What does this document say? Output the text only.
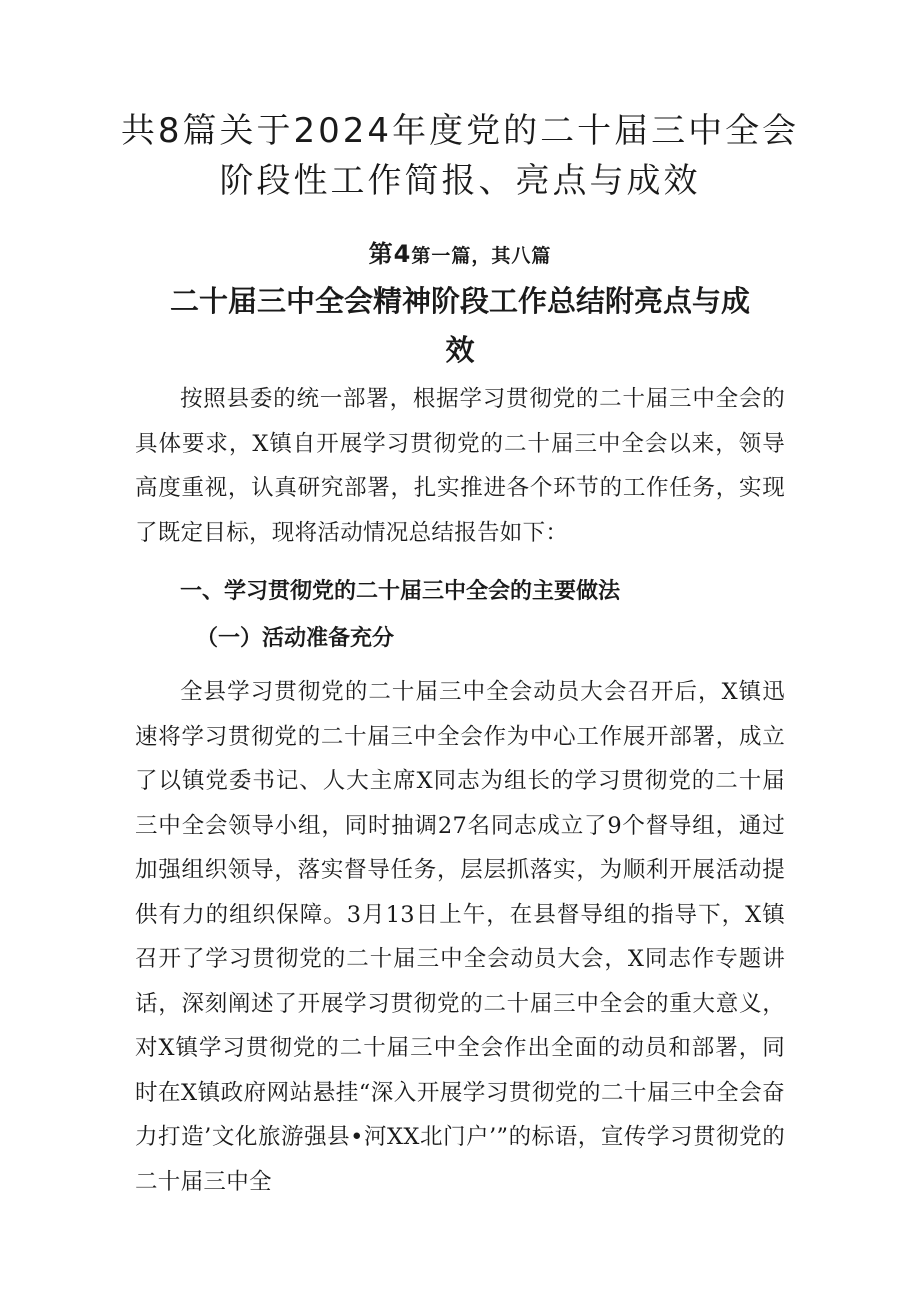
共8篇关于2024年度党的二十届三中全会
阶段性工作简报、亮点与成效
第4第一篇，其八篇
二十届三中全会精神阶段工作总结附亮点与成
效

按照县委的统一部署，根据学习贯彻党的二十届三中全会的具体要求，X镇自开展学习贯彻党的二十届三中全会以来，领导高度重视，认真研究部署，扎实推进各个环节的工作任务，实现了既定目标，现将活动情况总结报告如下：

一、学习贯彻党的二十届三中全会的主要做法
（一）活动准备充分

全县学习贯彻党的二十届三中全会动员大会召开后，X镇迅速将学习贯彻党的二十届三中全会作为中心工作展开部署，成立了以镇党委书记、人大主席X同志为组长的学习贯彻党的二十届三中全会领导小组，同时抽调27名同志成立了9个督导组，通过加强组织领导，落实督导任务，层层抓落实，为顺利开展活动提供有力的组织保障。3月13日上午，在县督导组的指导下，X镇召开了学习贯彻党的二十届三中全会动员大会，X同志作专题讲话，深刻阐述了开展学习贯彻党的二十届三中全会的重大意义，对X镇学习贯彻党的二十届三中全会作出全面的动员和部署，同时在X镇政府网站悬挂“深入开展学习贯彻党的二十届三中全会奋力打造’文化旅游强县•河XX北门户’”的标语，宣传学习贯彻党的二十届三中全
